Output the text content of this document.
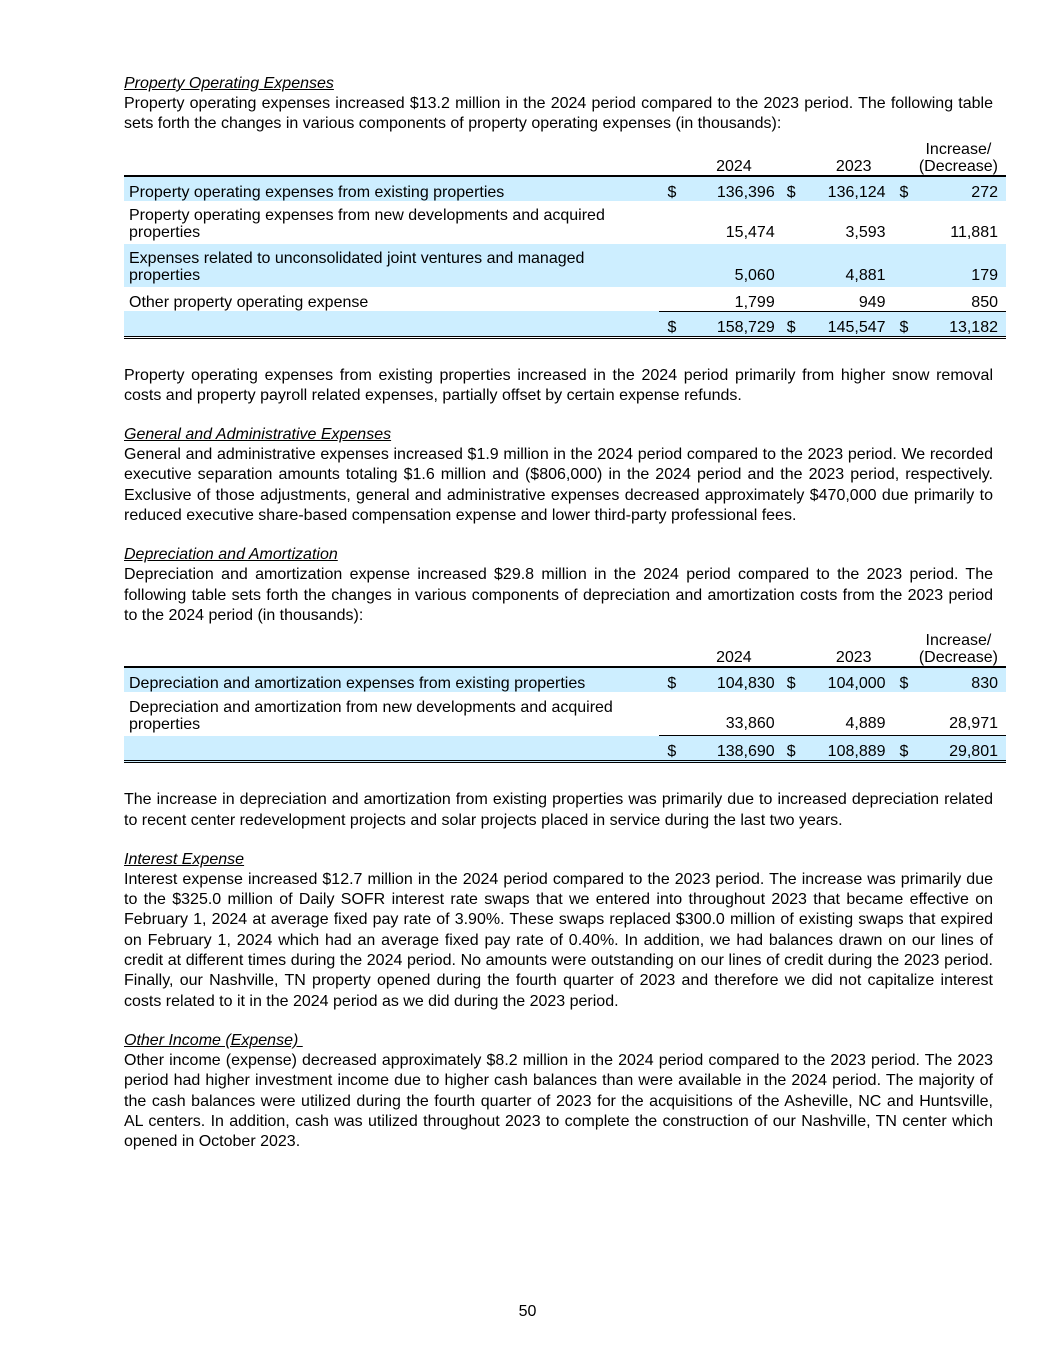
Property Operating Expenses

Property operating expenses increased $13.2 million in the 2024 period compared to the 2023 period. The following table sets forth the changes in various components of property operating expenses (in thousands):

		2024		2023		Increase/
(Decrease)

Property operating expenses from existing properties	$	136,396	$	136,124	$	272
Property operating expenses from new developments and acquired properties		15,474		3,593		11,881
Expenses related to unconsolidated joint ventures and managed properties		5,060		4,881		179
Other property operating expense		1,799		949		850
	$	158,729	$	145,547	$	13,182

Property operating expenses from existing properties increased in the 2024 period primarily from higher snow removal costs and property payroll related expenses, partially offset by certain expense refunds.

General and Administrative Expenses

General and administrative expenses increased $1.9 million in the 2024 period compared to the 2023 period. We recorded executive separation amounts totaling $1.6 million and ($806,000) in the 2024 period and the 2023 period, respectively. Exclusive of those adjustments, general and administrative expenses decreased approximately $470,000 due primarily to reduced executive share-based compensation expense and lower third-party professional fees.

Depreciation and Amortization

Depreciation and amortization expense increased $29.8 million in the 2024 period compared to the 2023 period. The following table sets forth the changes in various components of depreciation and amortization costs from the 2023 period to the 2024 period (in thousands):

		2024		2023		Increase/
(Decrease)

Depreciation and amortization expenses from existing properties	$	104,830	$	104,000	$	830
Depreciation and amortization from new developments and acquired properties		33,860		4,889		28,971
	$	138,690	$	108,889	$	29,801

The increase in depreciation and amortization from existing properties was primarily due to increased depreciation related to recent center redevelopment projects and solar projects placed in service during the last two years.

Interest Expense

Interest expense increased $12.7 million in the 2024 period compared to the 2023 period. The increase was primarily due to the $325.0 million of Daily SOFR interest rate swaps that we entered into throughout 2023 that became effective on February 1, 2024 at average fixed pay rate of 3.90%. These swaps replaced $300.0 million of existing swaps that expired on February 1, 2024 which had an average fixed pay rate of 0.40%. In addition, we had balances drawn on our lines of credit at different times during the 2024 period. No amounts were outstanding on our lines of credit during the 2023 period. Finally, our Nashville, TN property opened during the fourth quarter of 2023 and therefore we did not capitalize interest costs related to it in the 2024 period as we did during the 2023 period.

Other Income (Expense)

Other income (expense) decreased approximately $8.2 million in the 2024 period compared to the 2023 period. The 2023 period had higher investment income due to higher cash balances than were available in the 2024 period. The majority of the cash balances were utilized during the fourth quarter of 2023 for the acquisitions of the Asheville, NC and Huntsville, AL centers. In addition, cash was utilized throughout 2023 to complete the construction of our Nashville, TN center which opened in October 2023.

50
